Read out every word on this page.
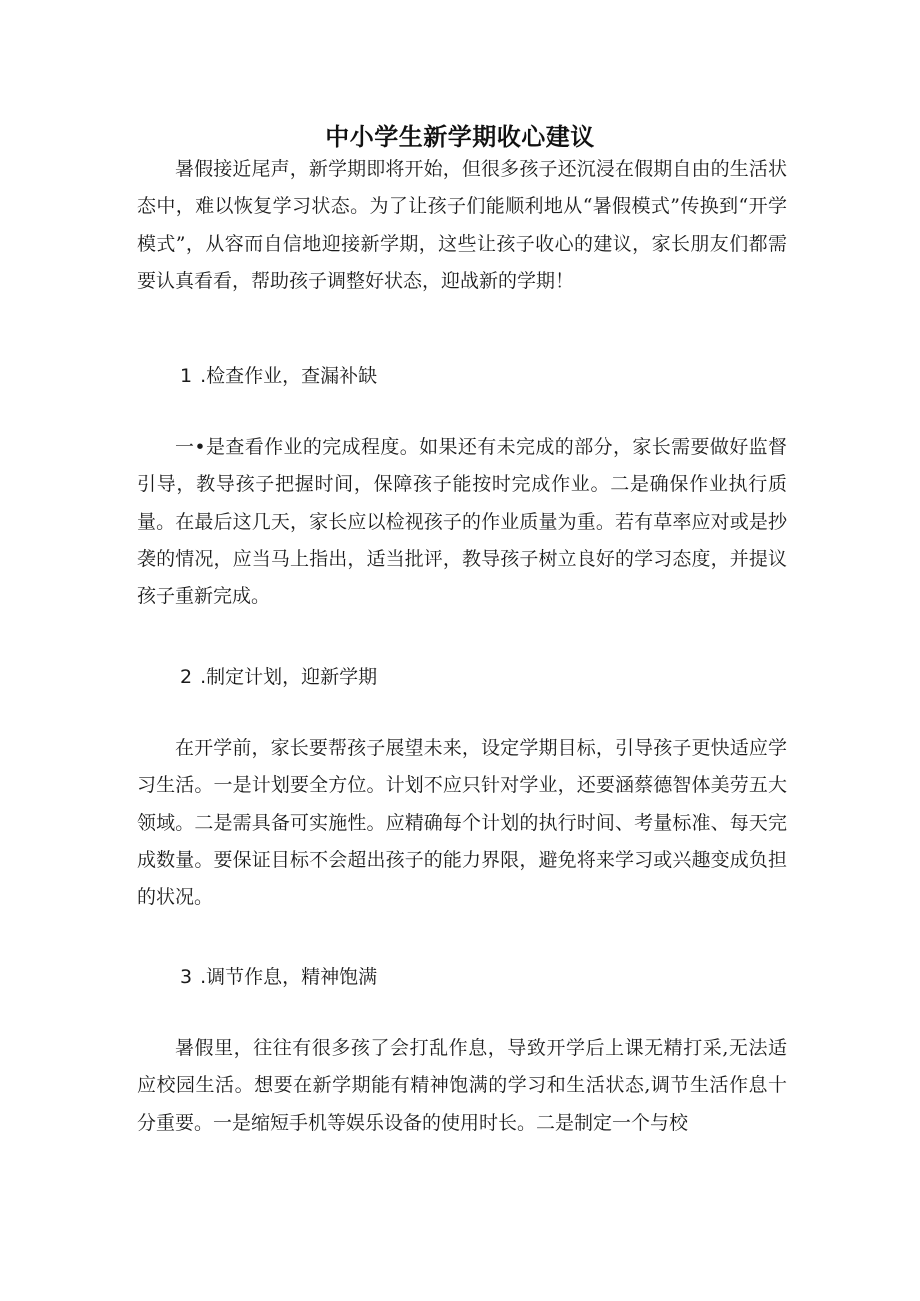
中小学生新学期收心建议

暑假接近尾声，新学期即将开始，但很多孩子还沉浸在假期自由的生活状态中，难以恢复学习状态。为了让孩子们能顺利地从“暑假模式”传换到“开学模式”，从容而自信地迎接新学期，这些让孩子收心的建议，家长朋友们都需要认真看看，帮助孩子调整好状态，迎战新的学期！

1 .检查作业，查漏补缺

一•是查看作业的完成程度。如果还有未完成的部分，家长需要做好监督引导，教导孩子把握时间，保障孩子能按时完成作业。二是确保作业执行质量。在最后这几天，家长应以检视孩子的作业质量为重。若有草率应对或是抄袭的情况，应当马上指出，适当批评，教导孩子树立良好的学习态度，并提议孩子重新完成。

2 .制定计划，迎新学期

在开学前，家长要帮孩子展望未来，设定学期目标，引导孩子更快适应学习生活。一是计划要全方位。计划不应只针对学业，还要涵蔡德智体美劳五大领域。二是需具备可实施性。应精确每个计划的执行时间、考量标准、每天完成数量。要保证目标不会超出孩子的能力界限，避免将来学习或兴趣变成负担的状况。

3 .调节作息，精神饱满

暑假里，往往有很多孩了会打乱作息，导致开学后上课无精打采,无法适应校园生活。想要在新学期能有精神饱满的学习和生活状态,调节生活作息十分重要。一是缩短手机等娱乐设备的使用时长。二是制定一个与校
